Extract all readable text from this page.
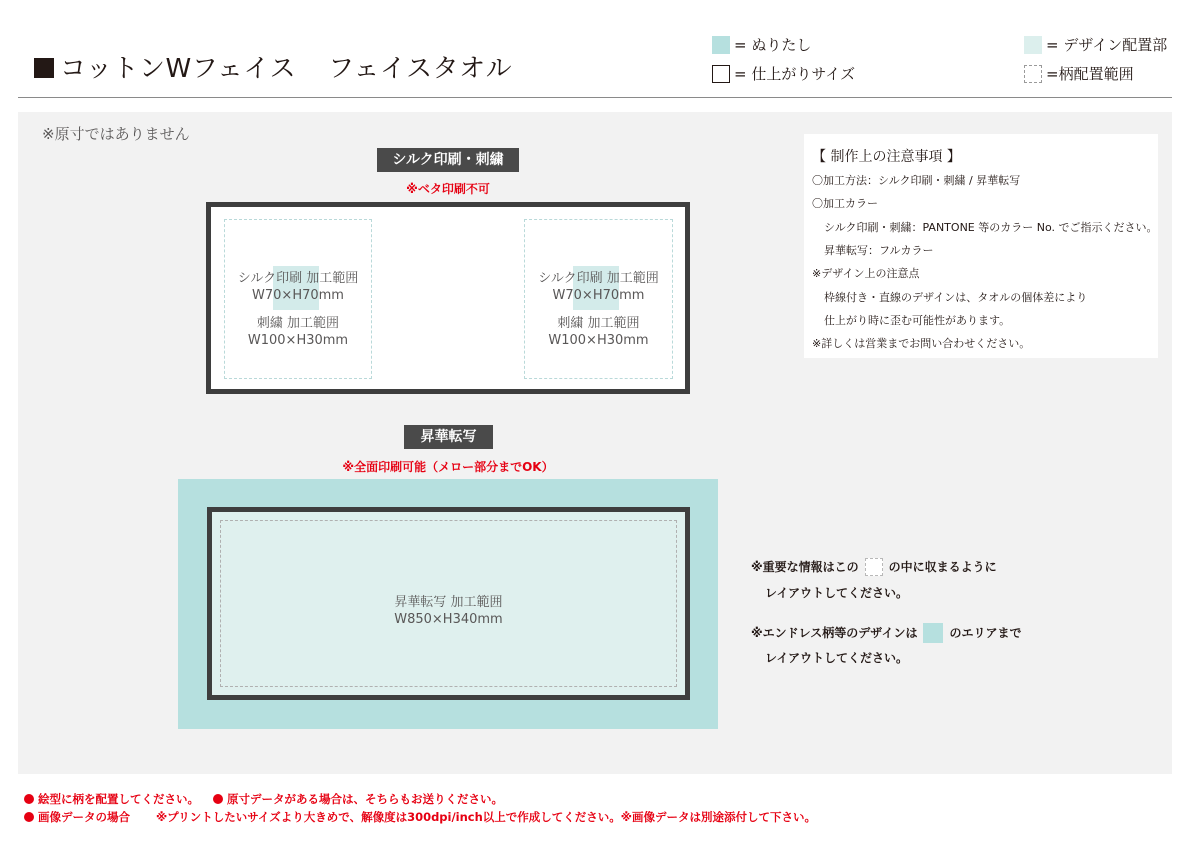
コットンWフェイス フェイスタオル
= ぬりたし
= 仕上がりサイズ
= デザイン配置部
=柄配置範囲
※原寸ではありません
シルク印刷・刺繍
※ベタ印刷不可
シルク印刷 加工範囲
W70×H70mm
刺繍 加工範囲
W100×H30mm
シルク印刷 加工範囲
W70×H70mm
刺繍 加工範囲
W100×H30mm
昇華転写
※全面印刷可能（メロー部分までOK）
昇華転写 加工範囲
W850×H340mm
【 制作上の注意事項 】
〇加工方法：シルク印刷・刺繍 / 昇華転写
〇加工カラー
シルク印刷・刺繍：PANTONE 等のカラー No. でご指示ください。
昇華転写：フルカラー
※デザイン上の注意点
枠線付き・直線のデザインは、タオルの個体差により
仕上がり時に歪む可能性があります。
※詳しくは営業までお問い合わせください。
※重要な情報はこの	の中に収まるように
レイアウトしてください。
※エンドレス柄等のデザインは	のエリアまで
レイアウトしてください。
絵型に柄を配置してください。 原寸データがある場合は、そちらもお送りください。
画像データの場合 ※プリントしたいサイズより大きめで、解像度は300dpi/inch以上で作成してください。※画像データは別途添付して下さい。
